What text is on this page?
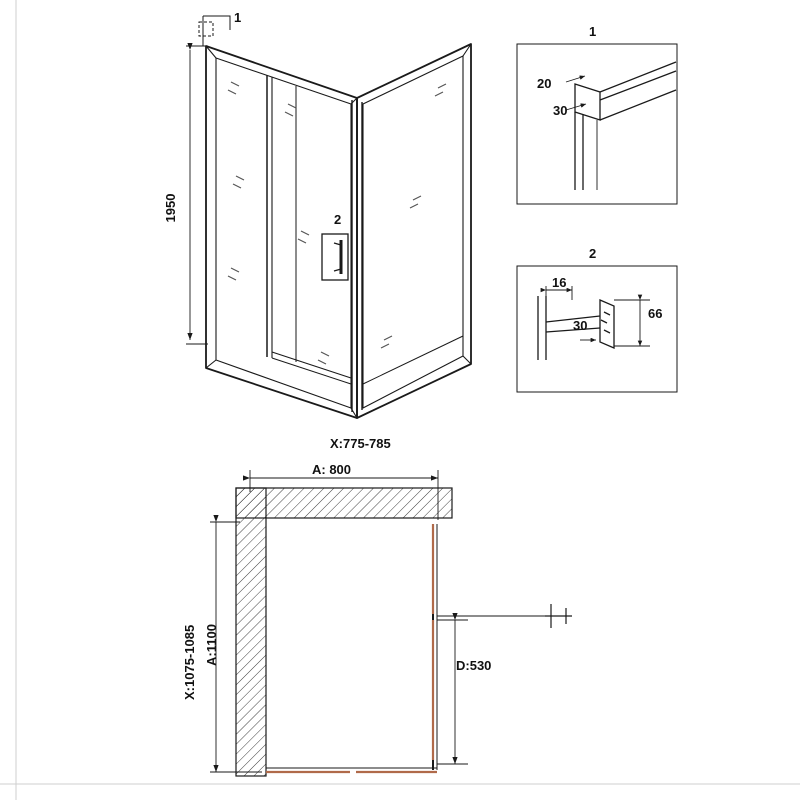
1
2
1950
X:775-785
1
20
30
2
16
30
66
A: 800
X:1075-1085 A:1100	D:530
